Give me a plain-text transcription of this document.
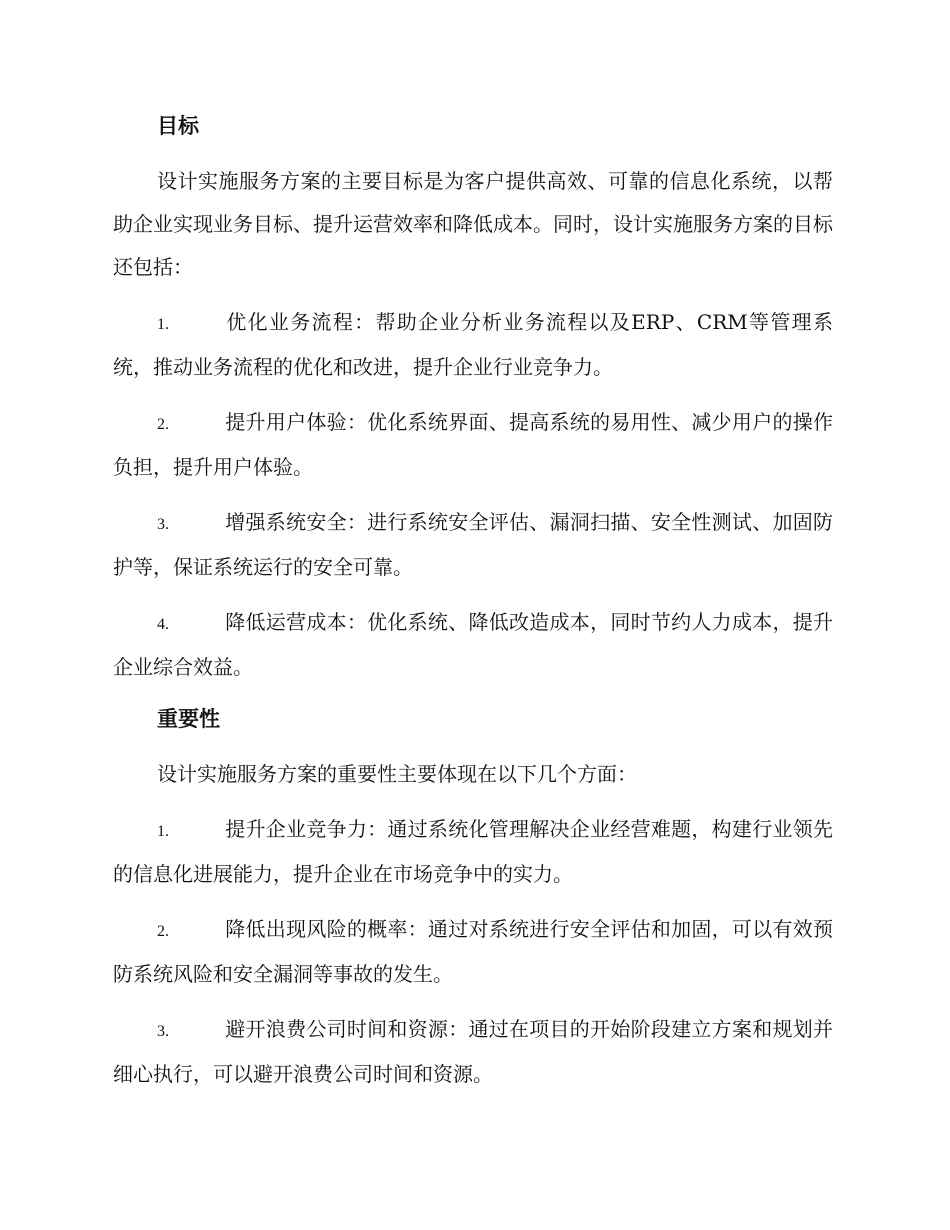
目标

设计实施服务方案的主要目标是为客户提供高效、可靠的信息化系统，以帮助企业实现业务目标、提升运营效率和降低成本。同时，设计实施服务方案的目标还包括：

1.	优化业务流程：帮助企业分析业务流程以及ERP、CRM等管理系统，推动业务流程的优化和改进，提升企业行业竞争力。

2.	提升用户体验：优化系统界面、提高系统的易用性、减少用户的操作负担，提升用户体验。

3.	增强系统安全：进行系统安全评估、漏洞扫描、安全性测试、加固防护等，保证系统运行的安全可靠。

4.	降低运营成本：优化系统、降低改造成本，同时节约人力成本，提升企业综合效益。

重要性

设计实施服务方案的重要性主要体现在以下几个方面：

1.	提升企业竞争力：通过系统化管理解决企业经营难题，构建行业领先的信息化进展能力，提升企业在市场竞争中的实力。

2.	降低出现风险的概率：通过对系统进行安全评估和加固，可以有效预防系统风险和安全漏洞等事故的发生。

3.	避开浪费公司时间和资源：通过在项目的开始阶段建立方案和规划并细心执行，可以避开浪费公司时间和资源。
